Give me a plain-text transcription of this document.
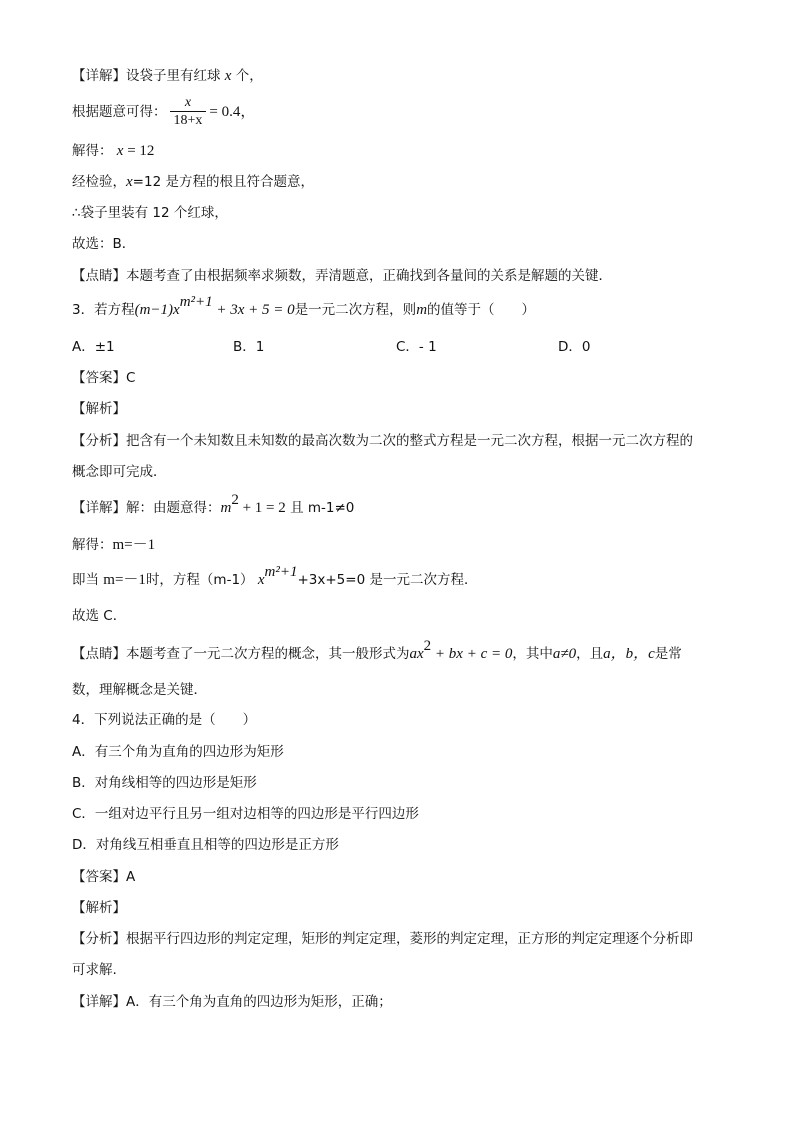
【详解】设袋子里有红球 x 个，
根据题意可得： $\frac{x}{18+x} = 0.4$，
解得： x = 12
经检验，x=12 是方程的根且符合题意，
∴袋子里装有 12 个红球，
故选：B．
【点睛】本题考查了由根据频率求频数，弄清题意，正确找到各量间的关系是解题的关键．
3．若方程$(m-1)x^{m^2+1} + 3x + 5 = 0$是一元二次方程，则m的值等于（　　）
A．±1	B．1	C．- 1	D．0
【答案】C
【解析】
【分析】把含有一个未知数且未知数的最高次数为二次的整式方程是一元二次方程，根据一元二次方程的
概念即可完成．
【详解】解：由题意得：$m^2 + 1 = 2$ 且 m-1≠0
解得：m=－1
即当 m=－1时，方程（m-1） $x^{m^2+1}+3x+5=0$ 是一元二次方程．
故选 C．
【点睛】本题考查了一元二次方程的概念，其一般形式为$ax^2$ + bx + c = 0，其中a≠0，且a，b，c是常
数，理解概念是关键．
4．下列说法正确的是（　　）
A．有三个角为直角的四边形为矩形
B．对角线相等的四边形是矩形
C．一组对边平行且另一组对边相等的四边形是平行四边形
D．对角线互相垂直且相等的四边形是正方形
【答案】A
【解析】
【分析】根据平行四边形的判定定理，矩形的判定定理，菱形的判定定理，正方形的判定定理逐个分析即
可求解.
【详解】A．有三个角为直角的四边形为矩形，正确；
